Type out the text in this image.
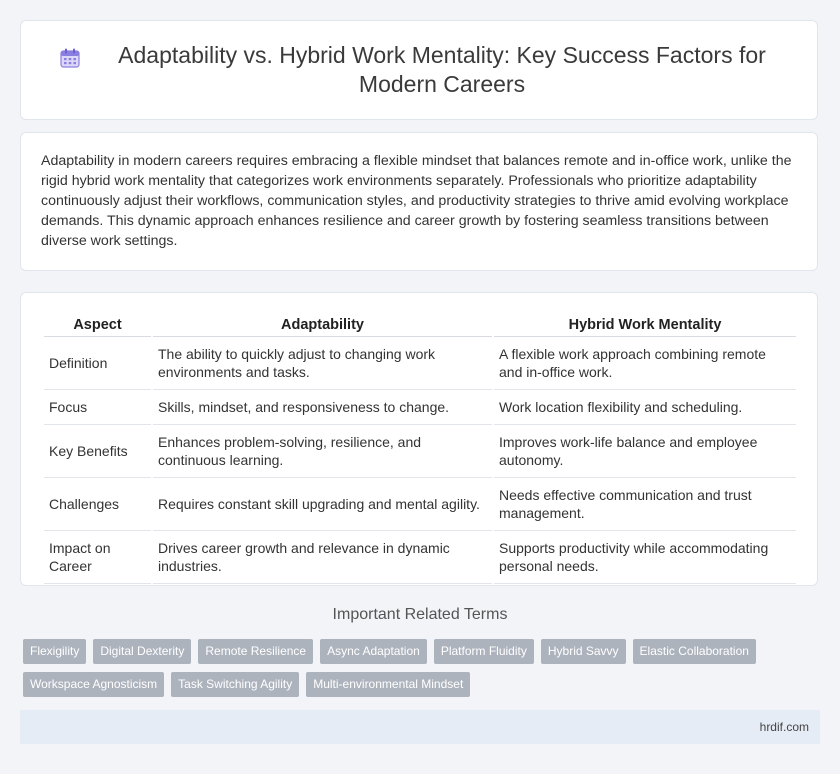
Adaptability vs. Hybrid Work Mentality: Key Success Factors for Modern Careers

Adaptability in modern careers requires embracing a flexible mindset that balances remote and in-office work, unlike the rigid hybrid work mentality that categorizes work environments separately. Professionals who prioritize adaptability continuously adjust their workflows, communication styles, and productivity strategies to thrive amid evolving workplace demands. This dynamic approach enhances resilience and career growth by fostering seamless transitions between diverse work settings.

Aspect	Adaptability	Hybrid Work Mentality
Definition	The ability to quickly adjust to changing work environments and tasks.	A flexible work approach combining remote and in-office work.
Focus	Skills, mindset, and responsiveness to change.	Work location flexibility and scheduling.
Key Benefits	Enhances problem-solving, resilience, and continuous learning.	Improves work-life balance and employee autonomy.
Challenges	Requires constant skill upgrading and mental agility.	Needs effective communication and trust management.
Impact on Career	Drives career growth and relevance in dynamic industries.	Supports productivity while accommodating personal needs.
Important Related Terms
Flexigility	Digital Dexterity	Remote Resilience	Async Adaptation	Platform Fluidity	Hybrid Savvy	Elastic Collaboration
Workspace Agnosticism	Task Switching Agility	Multi-environmental Mindset
hrdif.com
